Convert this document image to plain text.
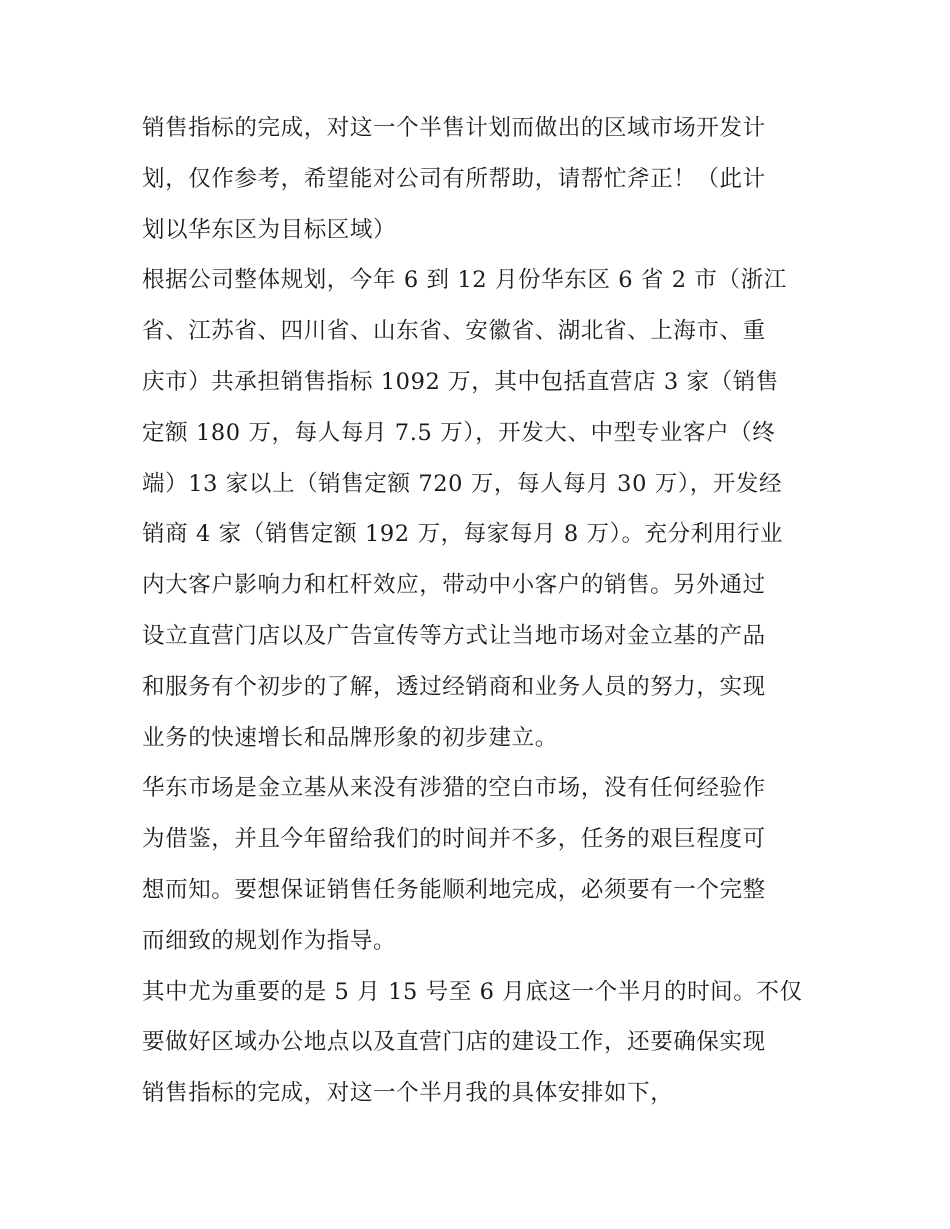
销售指标的完成，对这一个半售计划而做出的区域市场开发计
划，仅作参考，希望能对公司有所帮助，请帮忙斧正！（此计
划以华东区为目标区域）

根据公司整体规划，今年 6 到 12 月份华东区 6 省 2 市（浙江
省、江苏省、四川省、山东省、安徽省、湖北省、上海市、重
庆市）共承担销售指标 1092 万，其中包括直营店 3 家（销售
定额 180 万，每人每月 7.5 万），开发大、中型专业客户（终
端）13 家以上（销售定额 720 万，每人每月 30 万），开发经
销商 4 家（销售定额 192 万，每家每月 8 万）。充分利用行业
内大客户影响力和杠杆效应，带动中小客户的销售。另外通过
设立直营门店以及广告宣传等方式让当地市场对金立基的产品
和服务有个初步的了解，透过经销商和业务人员的努力，实现
业务的快速增长和品牌形象的初步建立。

华东市场是金立基从来没有涉猎的空白市场，没有任何经验作
为借鉴，并且今年留给我们的时间并不多，任务的艰巨程度可
想而知。要想保证销售任务能顺利地完成，必须要有一个完整
而细致的规划作为指导。

其中尤为重要的是 5 月 15 号至 6 月底这一个半月的时间。不仅
要做好区域办公地点以及直营门店的建设工作，还要确保实现
销售指标的完成，对这一个半月我的具体安排如下，
